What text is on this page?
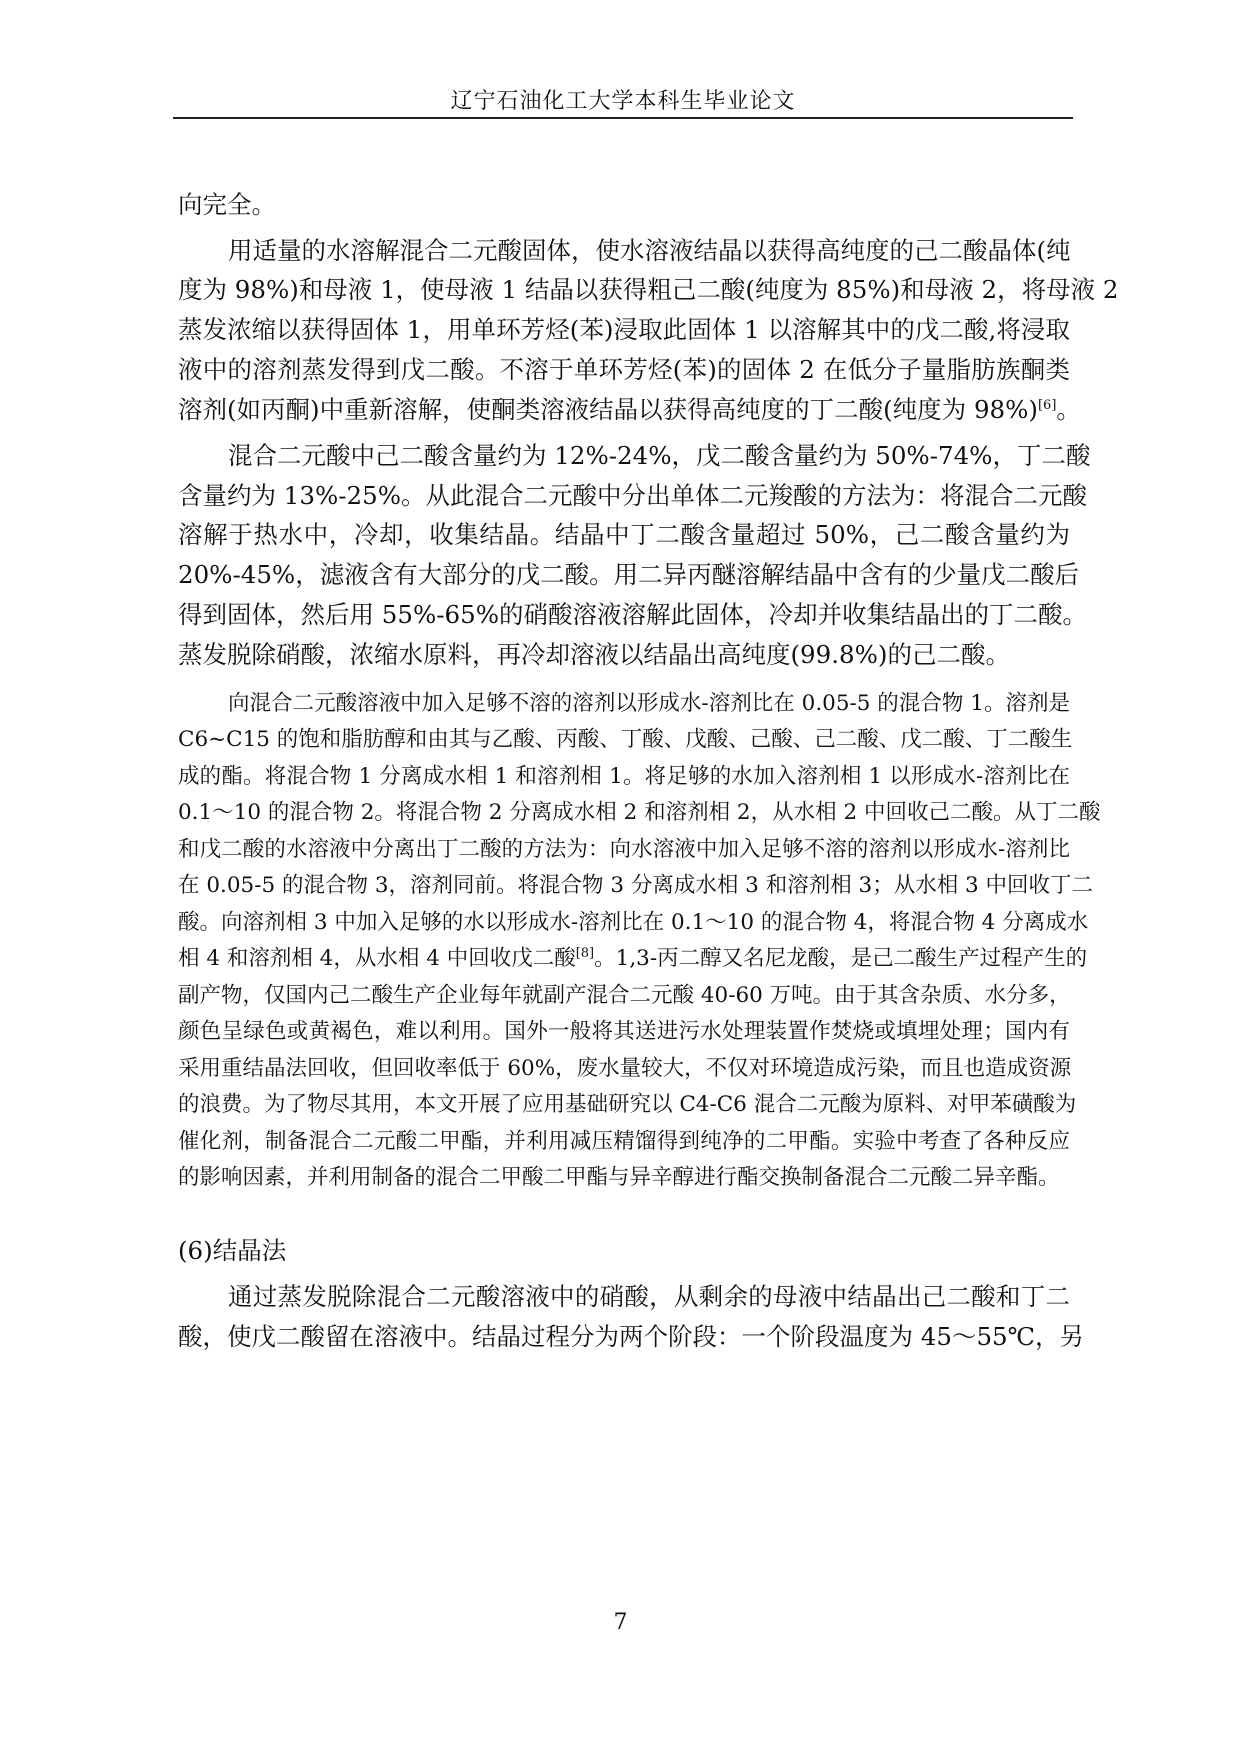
辽宁石油化工大学本科生毕业论文
向完全。
用适量的水溶解混合二元酸固体，使水溶液结晶以获得高纯度的己二酸晶体(纯
度为 98%)和母液 1，使母液 1 结晶以获得粗己二酸(纯度为 85%)和母液 2，将母液 2
蒸发浓缩以获得固体 1，用单环芳烃(苯)浸取此固体 1 以溶解其中的戊二酸,将浸取
液中的溶剂蒸发得到戊二酸。不溶于单环芳烃(苯)的固体 2 在低分子量脂肪族酮类
溶剂(如丙酮)中重新溶解，使酮类溶液结晶以获得高纯度的丁二酸(纯度为 98%)[6]。
混合二元酸中己二酸含量约为 12%-24%，戊二酸含量约为 50%-74%，丁二酸
含量约为 13%-25%。从此混合二元酸中分出单体二元羧酸的方法为：将混合二元酸
溶解于热水中，冷却，收集结晶。结晶中丁二酸含量超过 50%，己二酸含量约为
20%-45%，滤液含有大部分的戊二酸。用二异丙醚溶解结晶中含有的少量戊二酸后
得到固体，然后用 55%-65%的硝酸溶液溶解此固体，冷却并收集结晶出的丁二酸。
蒸发脱除硝酸，浓缩水原料，再冷却溶液以结晶出高纯度(99.8%)的己二酸。
向混合二元酸溶液中加入足够不溶的溶剂以形成水-溶剂比在 0.05-5 的混合物 1。溶剂是
C6~C15 的饱和脂肪醇和由其与乙酸、丙酸、丁酸、戊酸、己酸、己二酸、戊二酸、丁二酸生
成的酯。将混合物 1 分离成水相 1 和溶剂相 1。将足够的水加入溶剂相 1 以形成水-溶剂比在
0.1～10 的混合物 2。将混合物 2 分离成水相 2 和溶剂相 2，从水相 2 中回收己二酸。从丁二酸
和戊二酸的水溶液中分离出丁二酸的方法为：向水溶液中加入足够不溶的溶剂以形成水-溶剂比
在 0.05-5 的混合物 3，溶剂同前。将混合物 3 分离成水相 3 和溶剂相 3；从水相 3 中回收丁二
酸。向溶剂相 3 中加入足够的水以形成水-溶剂比在 0.1～10 的混合物 4，将混合物 4 分离成水
相 4 和溶剂相 4，从水相 4 中回收戊二酸[8]。1,3-丙二醇又名尼龙酸，是己二酸生产过程产生的
副产物，仅国内己二酸生产企业每年就副产混合二元酸 40-60 万吨。由于其含杂质、水分多，
颜色呈绿色或黄褐色，难以利用。国外一般将其送进污水处理装置作焚烧或填埋处理；国内有
采用重结晶法回收，但回收率低于 60%，废水量较大，不仅对环境造成污染，而且也造成资源
的浪费。为了物尽其用，本文开展了应用基础研究以 C4-C6 混合二元酸为原料、对甲苯磺酸为
催化剂，制备混合二元酸二甲酯，并利用减压精馏得到纯净的二甲酯。实验中考查了各种反应
的影响因素，并利用制备的混合二甲酸二甲酯与异辛醇进行酯交换制备混合二元酸二异辛酯。
(6)结晶法
通过蒸发脱除混合二元酸溶液中的硝酸，从剩余的母液中结晶出己二酸和丁二
酸，使戊二酸留在溶液中。结晶过程分为两个阶段：一个阶段温度为 45～55℃，另
7
